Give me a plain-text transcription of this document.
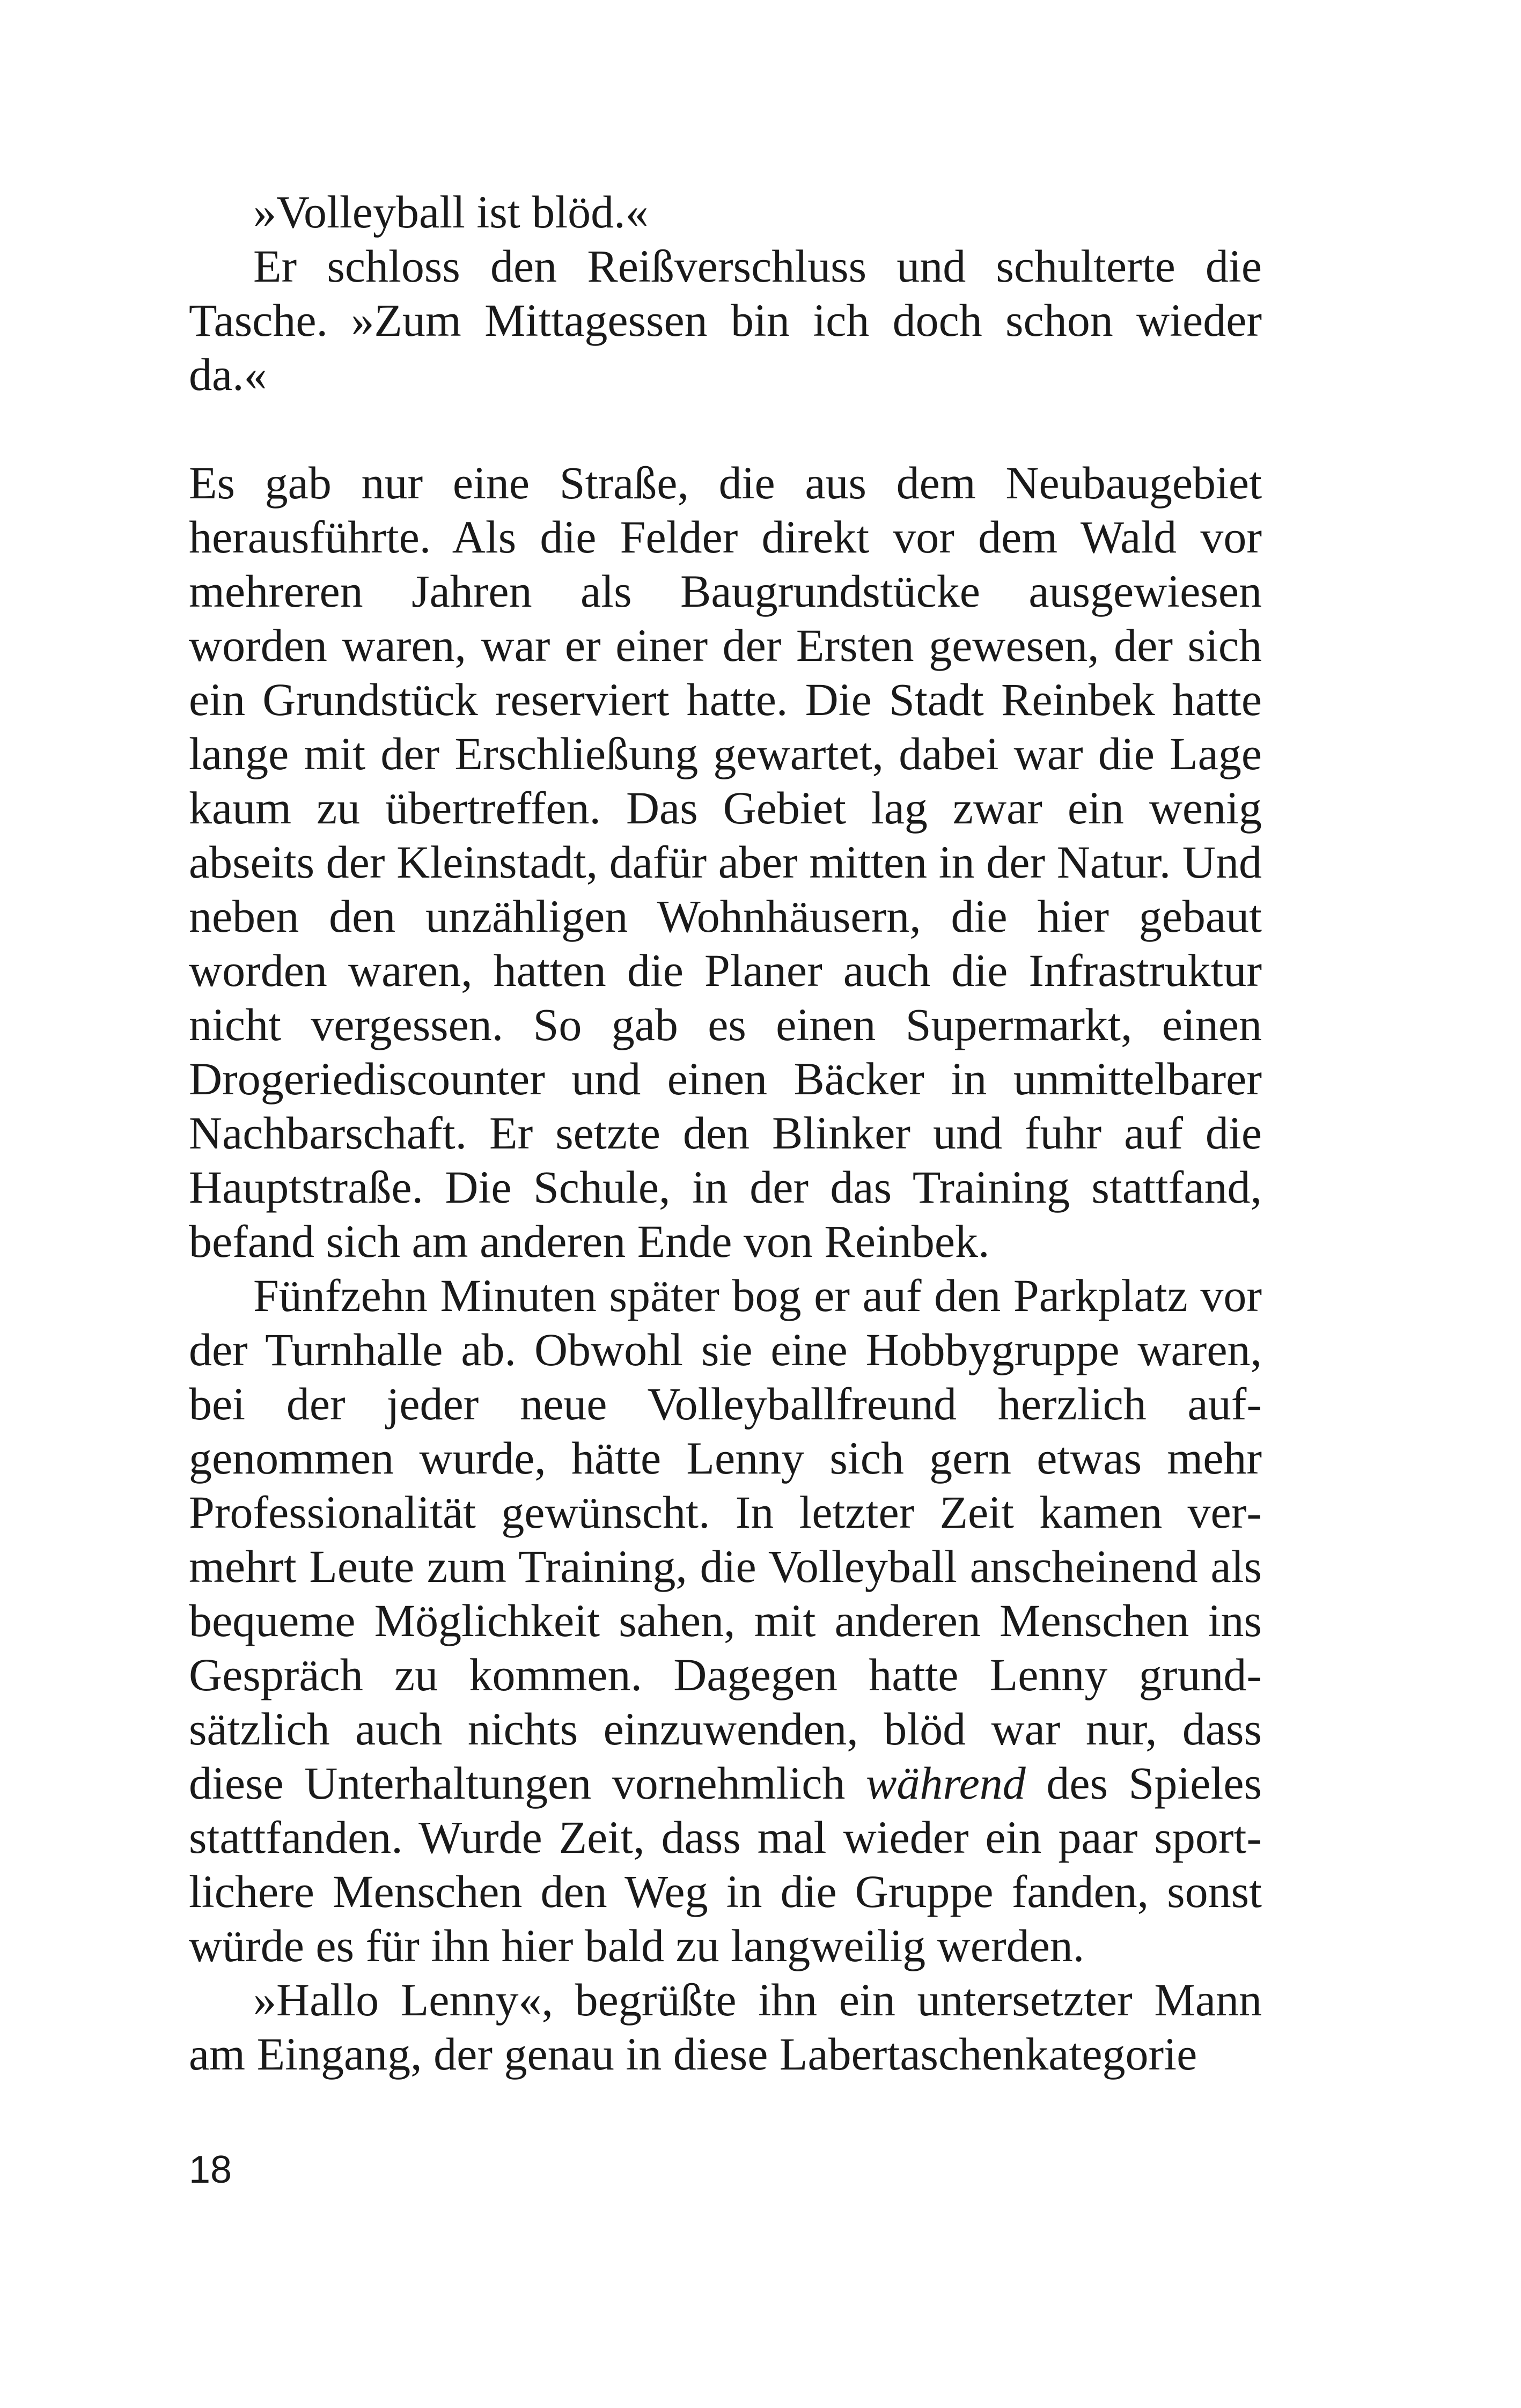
»Volleyball ist blöd.«

Er schloss den Reißverschluss und schulterte die Tasche. »Zum Mittagessen bin ich doch schon wieder da.«

Es gab nur eine Straße, die aus dem Neubaugebiet herausführte. Als die Felder direkt vor dem Wald vor mehreren Jahren als Baugrundstücke ausgewiesen worden waren, war er einer der Ersten gewesen, der sich ein Grundstück reserviert hatte. Die Stadt Reinbek hatte lange mit der Erschließung gewartet, dabei war die Lage kaum zu übertreffen. Das Gebiet lag zwar ein wenig abseits der Kleinstadt, dafür aber mitten in der Natur. Und neben den unzähligen Wohnhäusern, die hier gebaut worden waren, hatten die Planer auch die Infrastruktur nicht vergessen. So gab es einen Supermarkt, einen Drogeriediscounter und einen Bäcker in unmittelbarer Nachbarschaft. Er setzte den Blinker und fuhr auf die Hauptstraße. Die Schule, in der das Training stattfand, befand sich am anderen Ende von Reinbek.

Fünfzehn Minuten später bog er auf den Parkplatz vor der Turnhalle ab. Obwohl sie eine Hobbygruppe waren, bei der jeder neue Volleyballfreund herzlich aufgenommen wurde, hätte Lenny sich gern etwas mehr Professionalität gewünscht. In letzter Zeit kamen vermehrt Leute zum Training, die Volleyball anscheinend als bequeme Möglichkeit sahen, mit anderen Menschen ins Gespräch zu kommen. Dagegen hatte Lenny grundsätzlich auch nichts einzuwenden, blöd war nur, dass diese Unterhaltungen vornehmlich während des Spieles stattfanden. Wurde Zeit, dass mal wieder ein paar sportlichere Menschen den Weg in die Gruppe fanden, sonst würde es für ihn hier bald zu langweilig werden.

»Hallo Lenny«, begrüßte ihn ein untersetzter Mann am Eingang, der genau in diese Labertaschenkategorie

18
